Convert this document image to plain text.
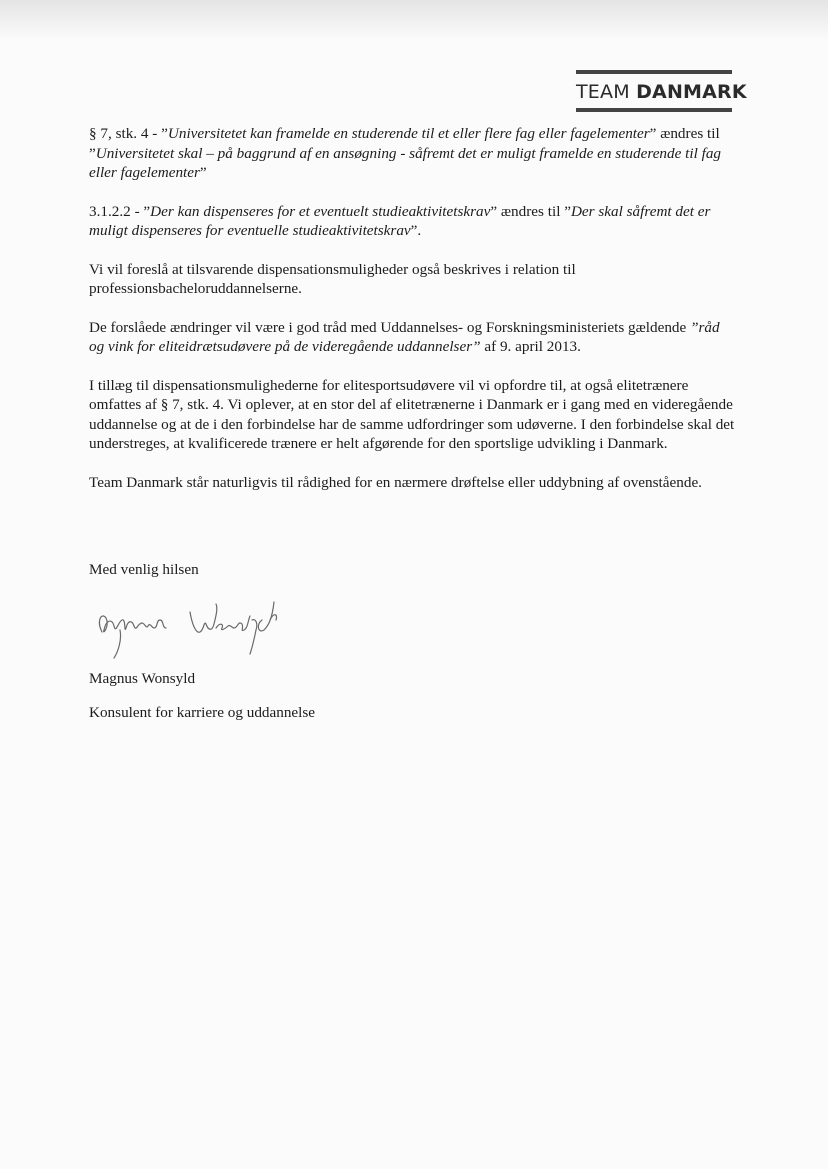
TEAM DANMARK

§ 7, stk. 4 - ”Universitetet kan framelde en studerende til et eller flere fag eller fagelementer” ændres til ”Universitetet skal – på baggrund af en ansøgning - såfremt det er muligt framelde en studerende til fag eller fagelementer”

3.1.2.2 - ”Der kan dispenseres for et eventuelt studieaktivitetskrav” ændres til ”Der skal såfremt det er muligt dispenseres for eventuelle studieaktivitetskrav”.

Vi vil foreslå at tilsvarende dispensationsmuligheder også beskrives i relation til professionsbacheloruddannelserne.

De forslåede ændringer vil være i god tråd med Uddannelses- og Forskningsministeriets gældende ”råd og vink for eliteidrætsudøvere på de videregående uddannelser” af 9. april 2013.

I tillæg til dispensationsmulighederne for elitesportsudøvere vil vi opfordre til, at også elitetrænere omfattes af § 7, stk. 4. Vi oplever, at en stor del af elitetrænerne i Danmark er i gang med en videregående uddannelse og at de i den forbindelse har de samme udfordringer som udøverne. I den forbindelse skal det understreges, at kvalificerede trænere er helt afgørende for den sportslige udvikling i Danmark.

Team Danmark står naturligvis til rådighed for en nærmere drøftelse eller uddybning af ovenstående.

Med venlig hilsen
Magnus Wonsyld
Konsulent for karriere og uddannelse
